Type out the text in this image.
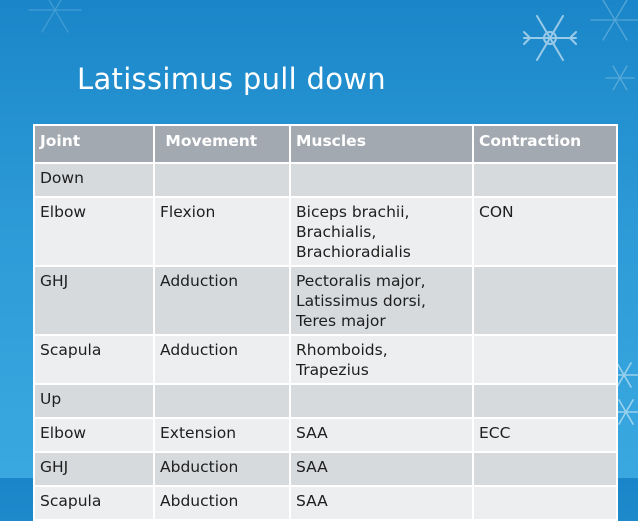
Latissimus pull down
Joint	Movement	Muscles	Contraction
Down			
Elbow	Flexion	Biceps brachii,
Brachialis,
Brachioradialis	CON
GHJ	Adduction	Pectoralis major,
Latissimus dorsi,
Teres major	
Scapula	Adduction	Rhomboids,
Trapezius	
Up			
Elbow	Extension	SAA	ECC
GHJ	Abduction	SAA	
Scapula	Abduction	SAA	
